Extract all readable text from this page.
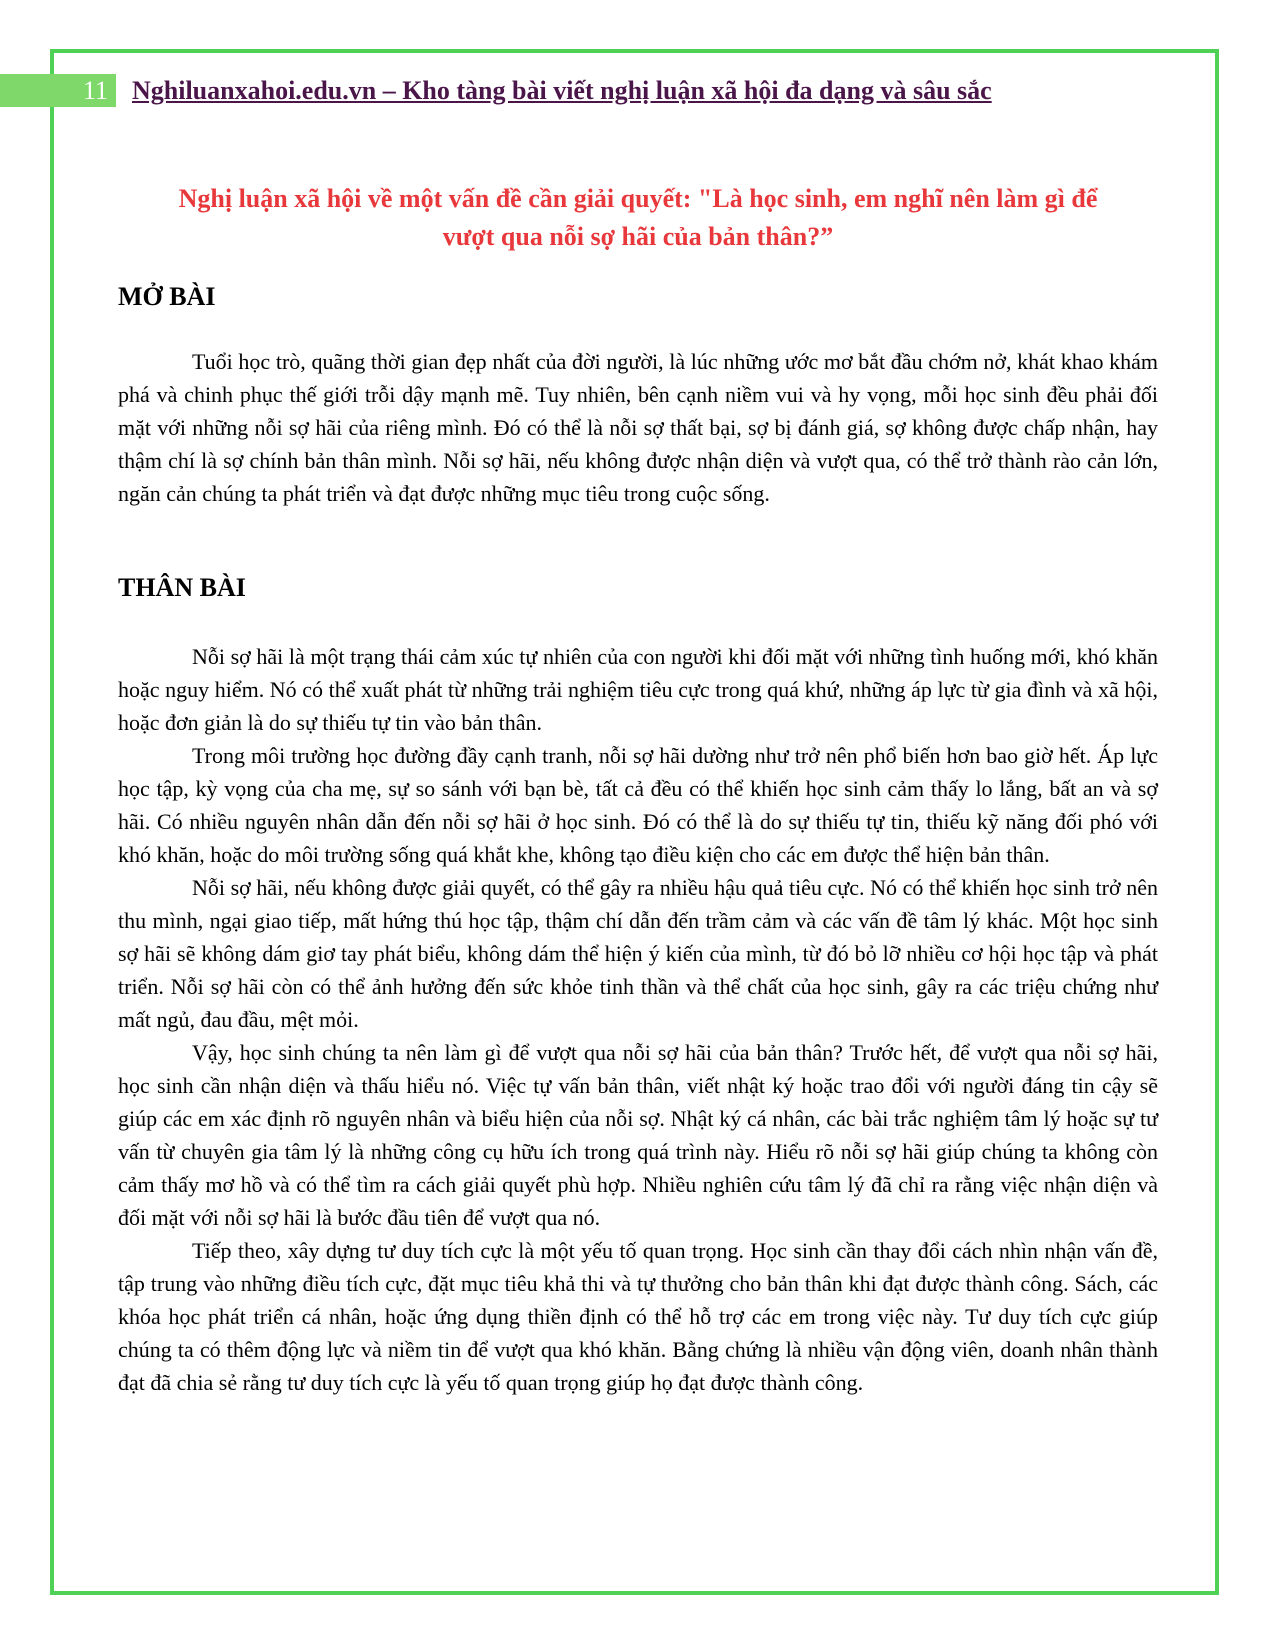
11 Nghiluanxahoi.edu.vn – Kho tàng bài viết nghị luận xã hội đa dạng và sâu sắc
Nghị luận xã hội về một vấn đề cần giải quyết: "Là học sinh, em nghĩ nên làm gì để
vượt qua nỗi sợ hãi của bản thân?”
MỞ BÀI

Tuổi học trò, quãng thời gian đẹp nhất của đời người, là lúc những ước mơ bắt đầu chớm nở, khát khao khám phá và chinh phục thế giới trỗi dậy mạnh mẽ. Tuy nhiên, bên cạnh niềm vui và hy vọng, mỗi học sinh đều phải đối mặt với những nỗi sợ hãi của riêng mình. Đó có thể là nỗi sợ thất bại, sợ bị đánh giá, sợ không được chấp nhận, hay thậm chí là sợ chính bản thân mình. Nỗi sợ hãi, nếu không được nhận diện và vượt qua, có thể trở thành rào cản lớn, ngăn cản chúng ta phát triển và đạt được những mục tiêu trong cuộc sống.

THÂN BÀI

Nỗi sợ hãi là một trạng thái cảm xúc tự nhiên của con người khi đối mặt với những tình huống mới, khó khăn hoặc nguy hiểm. Nó có thể xuất phát từ những trải nghiệm tiêu cực trong quá khứ, những áp lực từ gia đình và xã hội, hoặc đơn giản là do sự thiếu tự tin vào bản thân.

Trong môi trường học đường đầy cạnh tranh, nỗi sợ hãi dường như trở nên phổ biến hơn bao giờ hết. Áp lực học tập, kỳ vọng của cha mẹ, sự so sánh với bạn bè, tất cả đều có thể khiến học sinh cảm thấy lo lắng, bất an và sợ hãi. Có nhiều nguyên nhân dẫn đến nỗi sợ hãi ở học sinh. Đó có thể là do sự thiếu tự tin, thiếu kỹ năng đối phó với khó khăn, hoặc do môi trường sống quá khắt khe, không tạo điều kiện cho các em được thể hiện bản thân.

Nỗi sợ hãi, nếu không được giải quyết, có thể gây ra nhiều hậu quả tiêu cực. Nó có thể khiến học sinh trở nên thu mình, ngại giao tiếp, mất hứng thú học tập, thậm chí dẫn đến trầm cảm và các vấn đề tâm lý khác. Một học sinh sợ hãi sẽ không dám giơ tay phát biểu, không dám thể hiện ý kiến của mình, từ đó bỏ lỡ nhiều cơ hội học tập và phát triển. Nỗi sợ hãi còn có thể ảnh hưởng đến sức khỏe tinh thần và thể chất của học sinh, gây ra các triệu chứng như mất ngủ, đau đầu, mệt mỏi.

Vậy, học sinh chúng ta nên làm gì để vượt qua nỗi sợ hãi của bản thân? Trước hết, để vượt qua nỗi sợ hãi, học sinh cần nhận diện và thấu hiểu nó. Việc tự vấn bản thân, viết nhật ký hoặc trao đổi với người đáng tin cậy sẽ giúp các em xác định rõ nguyên nhân và biểu hiện của nỗi sợ. Nhật ký cá nhân, các bài trắc nghiệm tâm lý hoặc sự tư vấn từ chuyên gia tâm lý là những công cụ hữu ích trong quá trình này. Hiểu rõ nỗi sợ hãi giúp chúng ta không còn cảm thấy mơ hồ và có thể tìm ra cách giải quyết phù hợp. Nhiều nghiên cứu tâm lý đã chỉ ra rằng việc nhận diện và đối mặt với nỗi sợ hãi là bước đầu tiên để vượt qua nó.

Tiếp theo, xây dựng tư duy tích cực là một yếu tố quan trọng. Học sinh cần thay đổi cách nhìn nhận vấn đề, tập trung vào những điều tích cực, đặt mục tiêu khả thi và tự thưởng cho bản thân khi đạt được thành công. Sách, các khóa học phát triển cá nhân, hoặc ứng dụng thiền định có thể hỗ trợ các em trong việc này. Tư duy tích cực giúp chúng ta có thêm động lực và niềm tin để vượt qua khó khăn. Bằng chứng là nhiều vận động viên, doanh nhân thành đạt đã chia sẻ rằng tư duy tích cực là yếu tố quan trọng giúp họ đạt được thành công.
